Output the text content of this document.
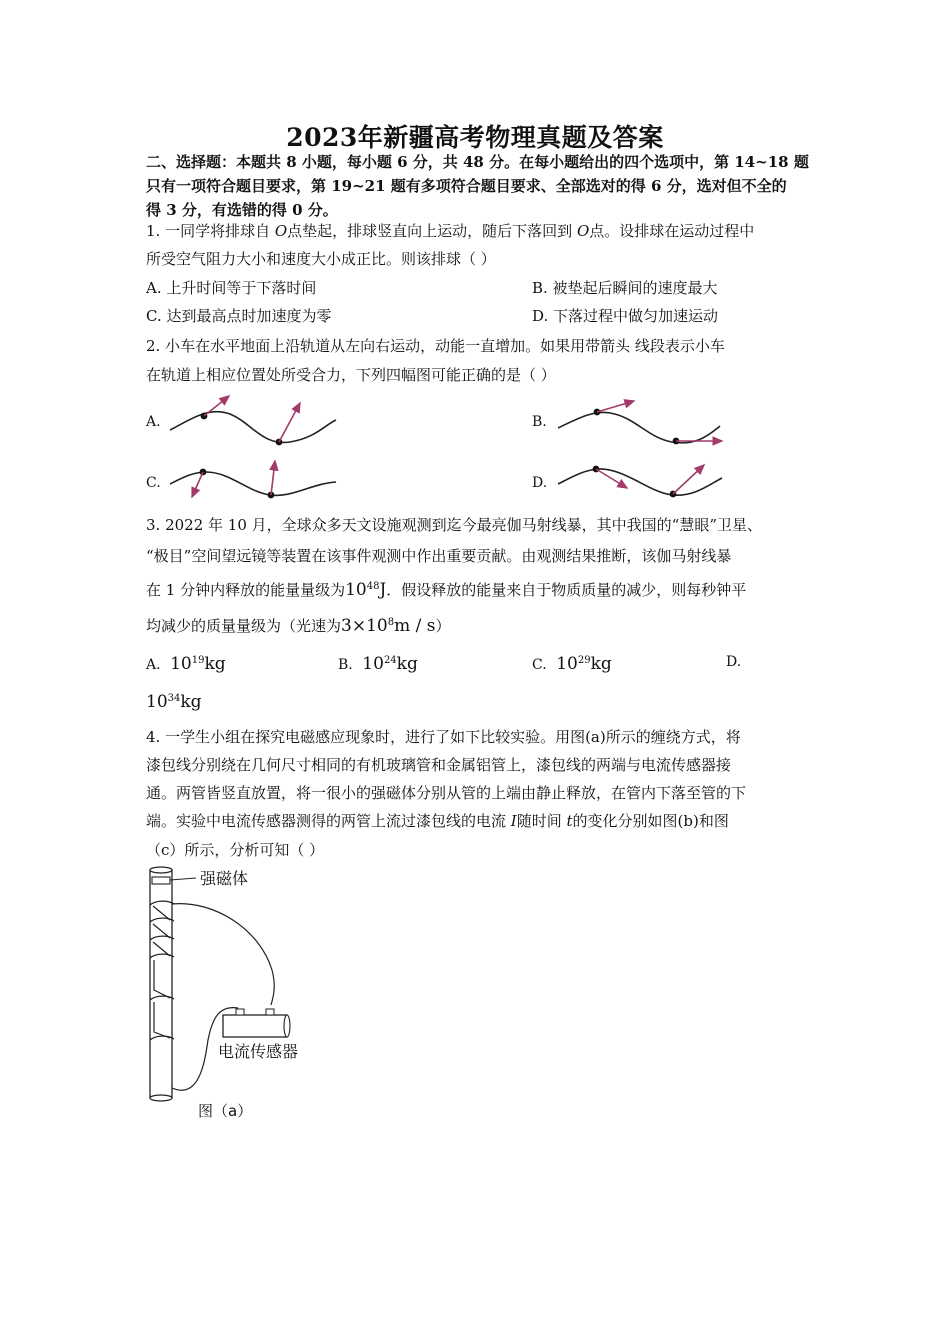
2023年新疆高考物理真题及答案
二、选择题：本题共 8 小题，每小题 6 分，共 48 分。在每小题给出的四个选项中，第 14~18 题
只有一项符合题目要求，第 19~21 题有多项符合题目要求、全部选对的得 6 分，选对但不全的
得 3 分，有选错的得 0 分。
1. 一同学将排球自 O点垫起，排球竖直向上运动，随后下落回到 O点。设排球在运动过程中
所受空气阻力大小和速度大小成正比。则该排球（ ）
A. 上升时间等于下落时间	B. 被垫起后瞬间的速度最大
C. 达到最高点时加速度为零	D. 下落过程中做匀加速运动
2. 小车在水平地面上沿轨道从左向右运动，动能一直增加。如果用带箭头 线段表示小车
在轨道上相应位置处所受合力，下列四幅图可能正确的是（ ）
A.	B.
C.	D.
3. 2022 年 10 月，全球众多天文设施观测到迄今最亮伽马射线暴，其中我国的“慧眼”卫星、
“极目”空间望远镜等装置在该事件观测中作出重要贡献。由观测结果推断，该伽马射线暴
在 1 分钟内释放的能量量级为$10^{48}J$．假设释放的能量来自于物质质量的减少，则每秒钟平
均减少的质量量级为（光速为$3\times 10^8m / s$）
A. $10^{19}kg$	B. $10^{24}kg$	C. $10^{29}kg$	D.
$10^{34}kg$
4. 一学生小组在探究电磁感应现象时，进行了如下比较实验。用图(a)所示的缠绕方式，将
漆包线分别绕在几何尺寸相同的有机玻璃管和金属铝管上，漆包线的两端与电流传感器接
通。两管皆竖直放置，将一很小的强磁体分别从管的上端由静止释放，在管内下落至管的下
端。实验中电流传感器测得的两管上流过漆包线的电流 I随时间 t的变化分别如图(b)和图
（c）所示，分析可知（ ）
强磁体
电流传感器
图（a）
